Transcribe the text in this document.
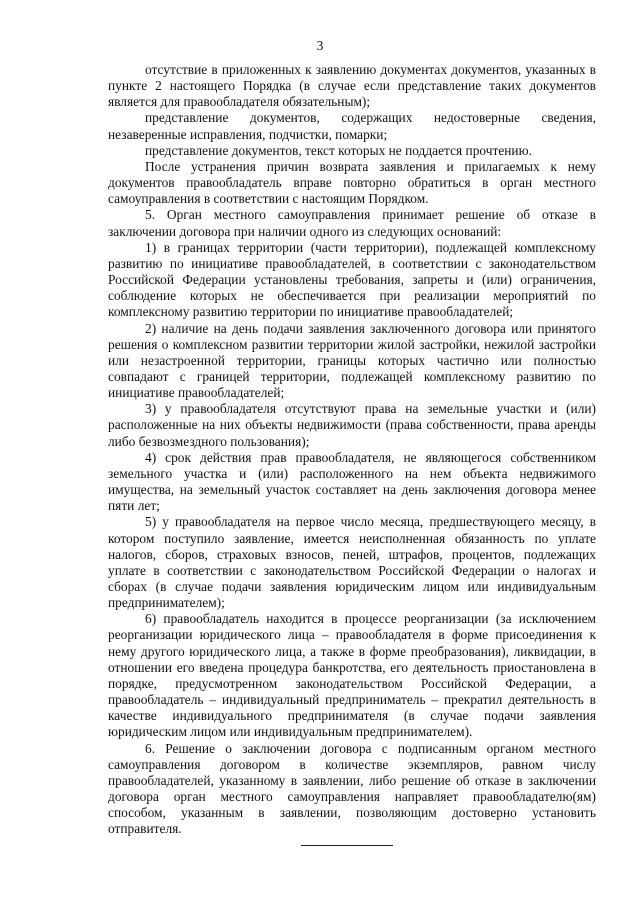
3

отсутствие в приложенных к заявлению документах документов, указанных в пункте 2 настоящего Порядка (в случае если представление таких документов является для правообладателя обязательным);

представление документов, содержащих недостоверные сведения, незавеpенные исправления, подчистки, помарки;

представление документов, текст которых не поддается прочтению.

После устранения причин возврата заявления и прилагаемых к нему документов правообладатель вправе повторно обратиться в орган местного самоуправления в соответствии с настоящим Порядком.

5. Орган местного самоуправления принимает решение об отказе в заключении договора при наличии одного из следующих оснований:

1) в границах территории (части территории), подлежащей комплексному развитию по инициативе правообладателей, в соответствии с законодательством Российской Федерации установлены требования, запреты и (или) ограничения, соблюдение которых не обеспечивается при реализации мероприятий по комплексному развитию территории по инициативе правообладателей;

2) наличие на день подачи заявления заключенного договора или принятого решения о комплексном развитии территории жилой застройки, нежилой застройки или незастроенной территории, границы которых частично или полностью совпадают с границей территории, подлежащей комплексному развитию по инициативе правообладателей;

3) у правообладателя отсутствуют права на земельные участки и (или) расположенные на них объекты недвижимости (права собственности, права аренды либо безвозмездного пользования);

4) срок действия прав правообладателя, не являющегося собственником земельного участка и (или) расположенного на нем объекта недвижимого имущества, на земельный участок составляет на день заключения договора менее пяти лет;

5) у правообладателя на первое число месяца, предшествующего месяцу, в котором поступило заявление, имеется неисполненная обязанность по уплате налогов, сборов, страховых взносов, пеней, штрафов, процентов, подлежащих уплате в соответствии с законодательством Российской Федерации о налогах и сборах (в случае подачи заявления юридическим лицом или индивидуальным предпринимателем);

6) правообладатель находится в процессе реорганизации (за исключением реорганизации юридического лица – правообладателя в форме присоединения к нему другого юридического лица, а также в форме преобразования), ликвидации, в отношении его введена процедура банкротства, его деятельность приостановлена в порядке, предусмотренном законодательством Российской Федерации, а правообладатель – индивидуальный предприниматель – прекратил деятельность в качестве индивидуального предпринимателя (в случае подачи заявления юридическим лицом или индивидуальным предпринимателем).

6. Решение о заключении договора с подписанным органом местного самоуправления договором в количестве экземпляров, равном числу правообладателей, указанному в заявлении, либо решение об отказе в заключении договора орган местного самоуправления направляет правообладателю(ям) способом, указанным в заявлении, позволяющим достоверно установить отправителя.
